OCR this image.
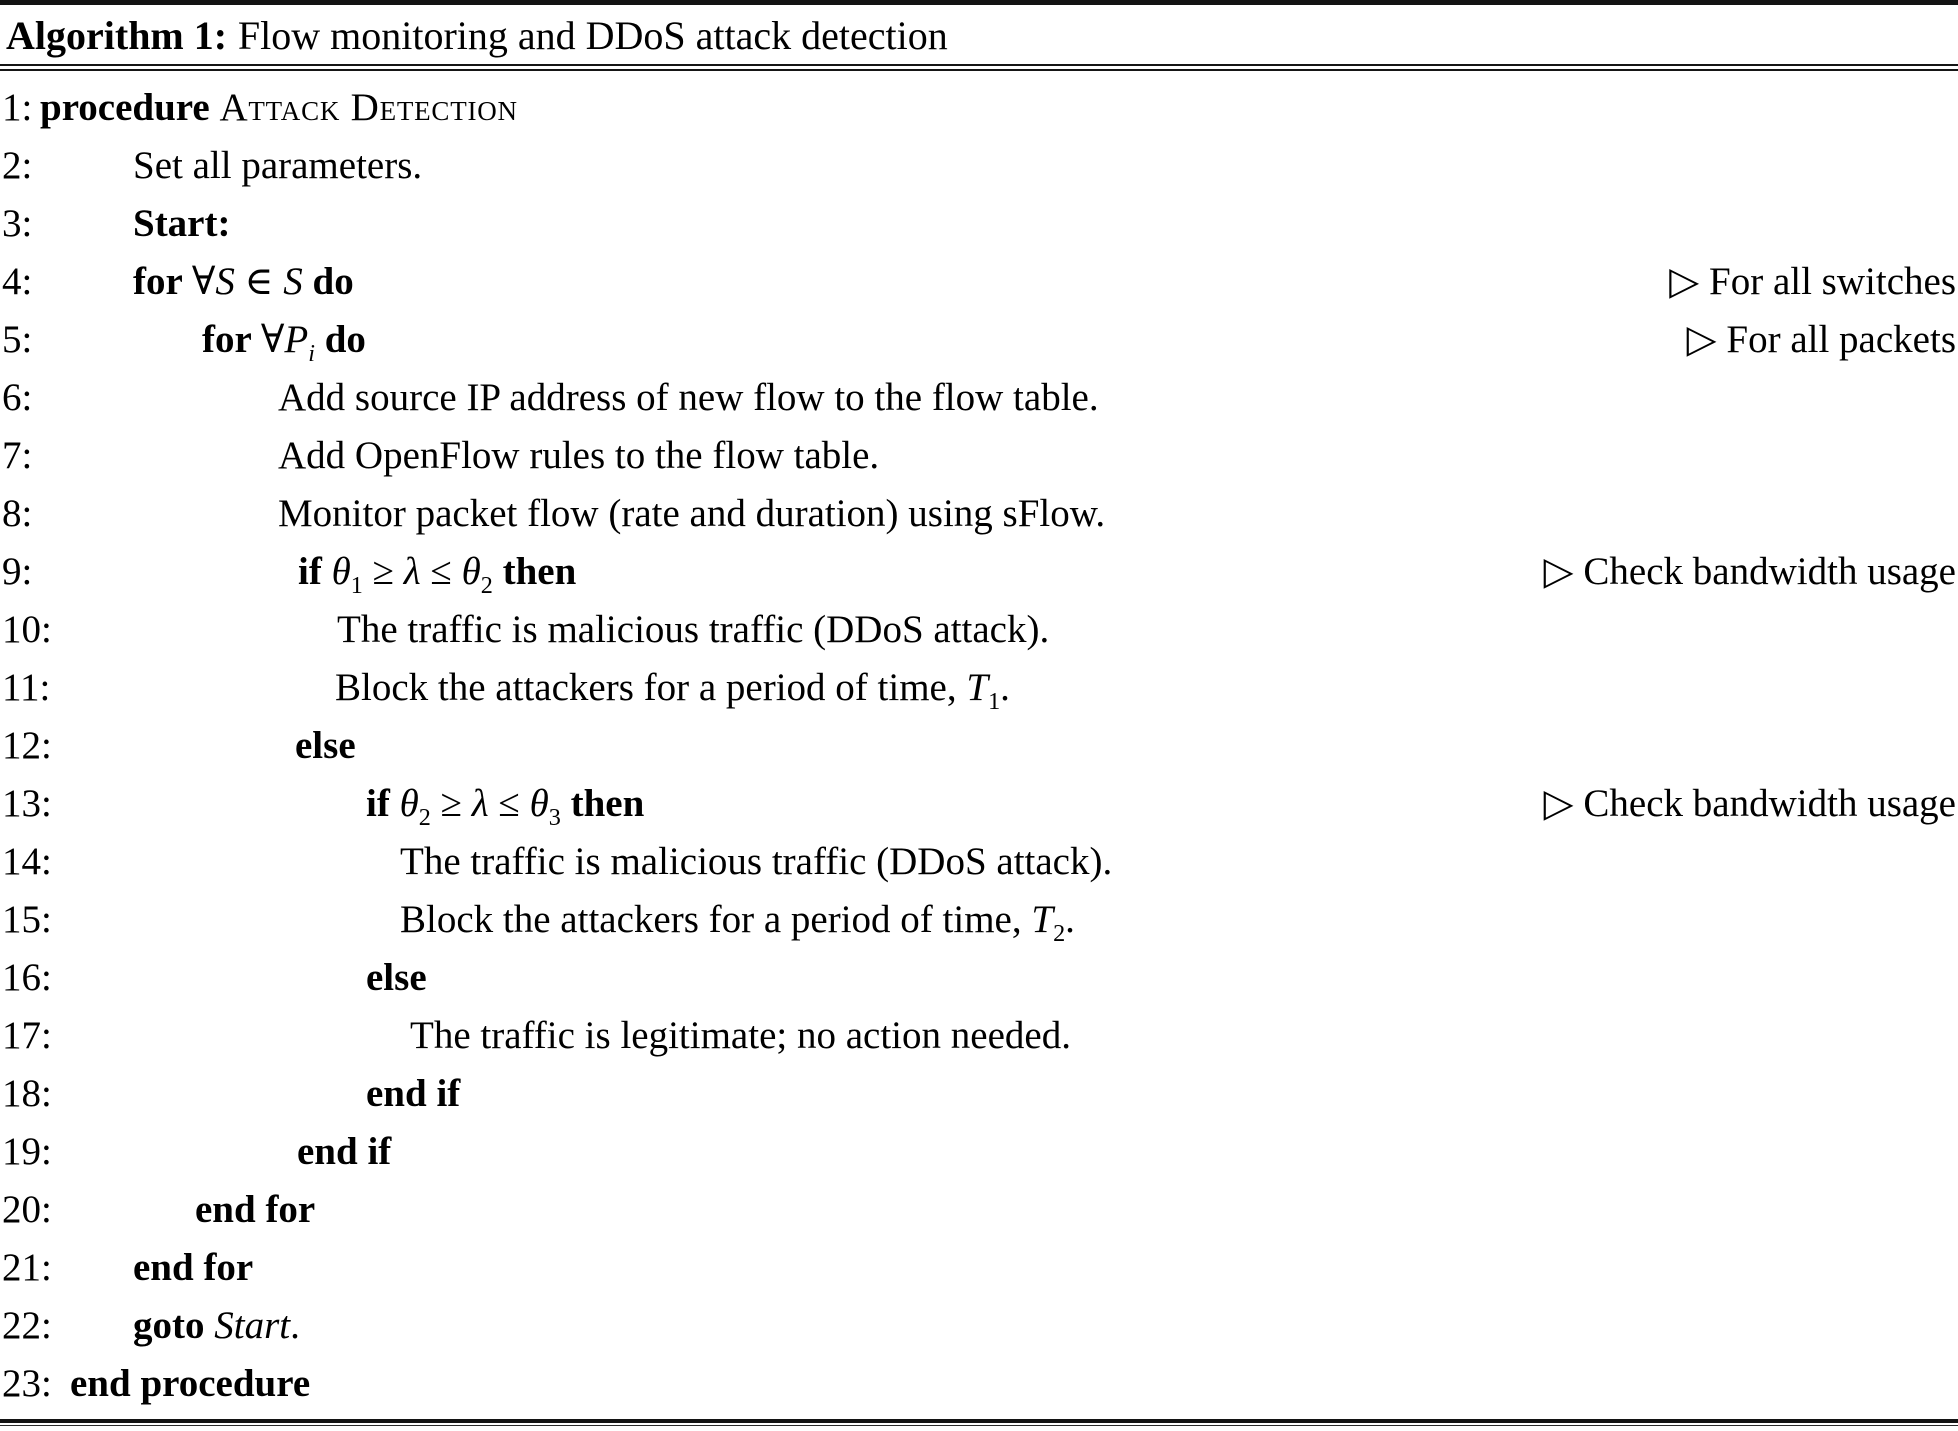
Algorithm 1: Flow monitoring and DDoS attack detection
1: procedure Attack Detection
2:	Set all parameters.
3:	Start:
4:	for ∀S ∈ S do	▷ For all switches
5:	for $\forall P_i$ do	▷ For all packets
6:	Add source IP address of new flow to the flow table.
7:	Add OpenFlow rules to the flow table.
8:	Monitor packet flow (rate and duration) using sFlow.
9:	if $\theta_1 \ge \lambda \le \theta_2$ then	▷ Check bandwidth usage
10:	The traffic is malicious traffic (DDoS attack).
11:	Block the attackers for a period of time, $T_1$.
12:	else
13:	if $\theta_2 \ge \lambda \le \theta_3$ then	▷ Check bandwidth usage
14:	The traffic is malicious traffic (DDoS attack).
15:	Block the attackers for a period of time, $T_2$.
16:	else
17:	The traffic is legitimate; no action needed.
18:	end if
19:	end if
20:	end for
21: end for
22: goto Start.
23: end procedure
